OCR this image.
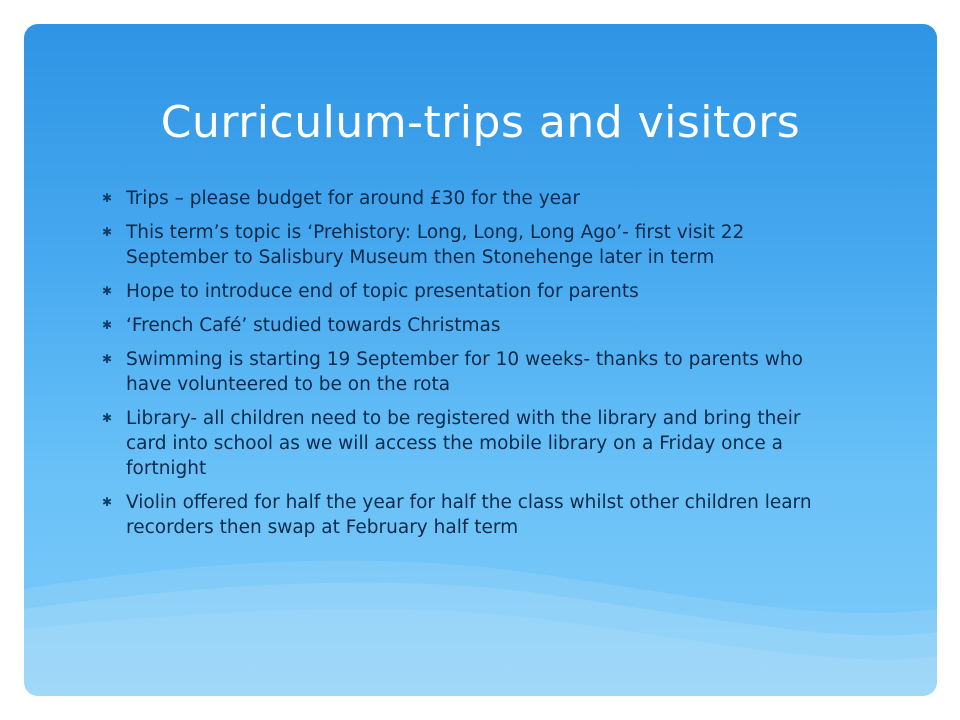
Curriculum-trips and visitors
✱ Trips – please budget for around £30 for the year
✱ This term’s topic is ‘Prehistory: Long, Long, Long Ago’- first visit 22 September to Salisbury Museum then Stonehenge later in term
✱ Hope to introduce end of topic presentation for parents
✱ ‘French Café’ studied towards Christmas
✱ Swimming is starting 19 September for 10 weeks- thanks to parents who have volunteered to be on the rota
✱ Library- all children need to be registered with the library and bring their card into school as we will access the mobile library on a Friday once a fortnight
✱ Violin offered for half the year for half the class whilst other children learn recorders then swap at February half term
